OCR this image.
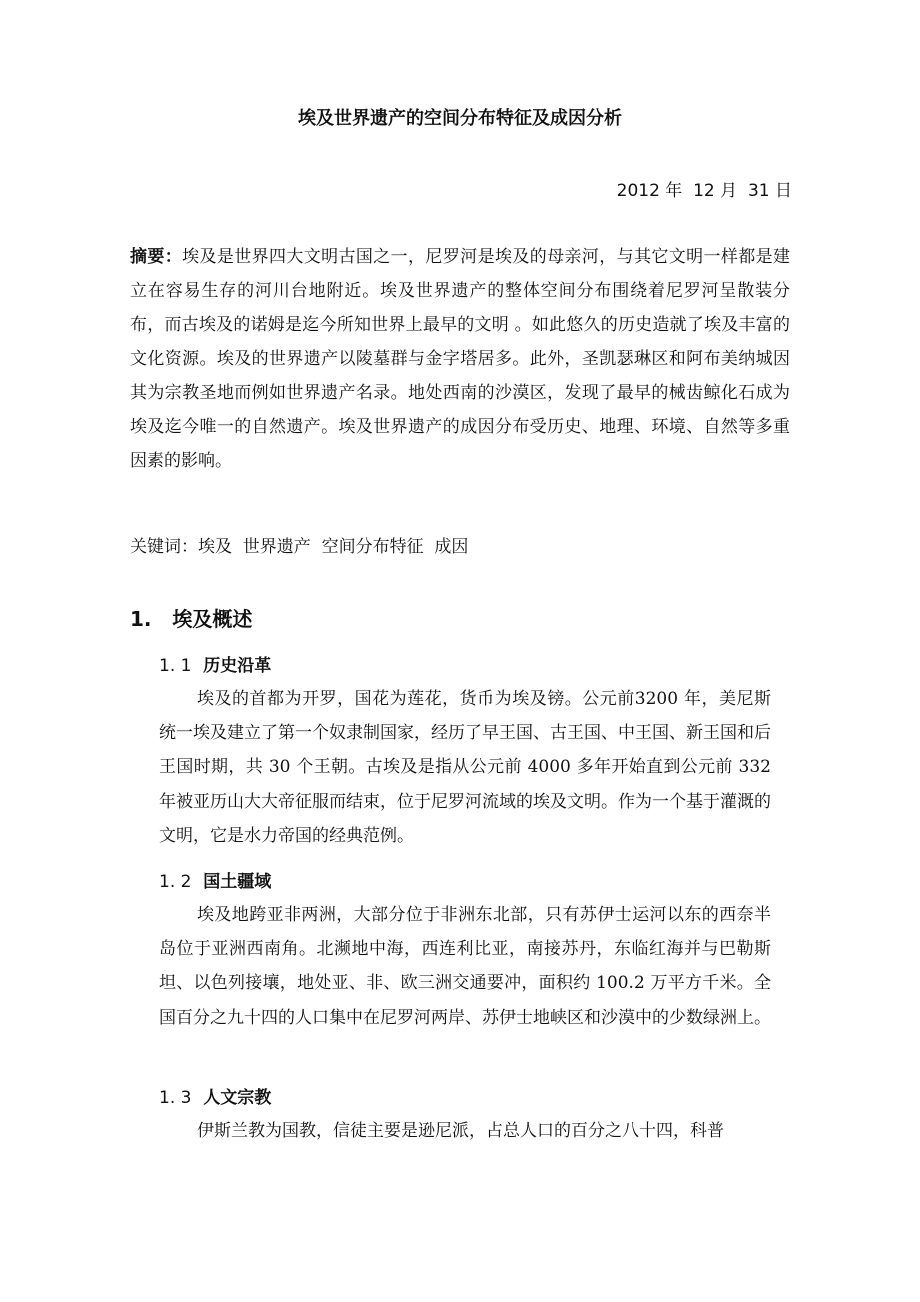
埃及世界遗产的空间分布特征及成因分析
2012 年  12 月  31 日
摘要：埃及是世界四大文明古国之一，尼罗河是埃及的母亲河，与其它文明一样都是建立在容易生存的河川台地附近。埃及世界遗产的整体空间分布围绕着尼罗河呈散装分布，而古埃及的诺姆是迄今所知世界上最早的文明 。如此悠久的历史造就了埃及丰富的文化资源。埃及的世界遗产以陵墓群与金字塔居多。此外，圣凯瑟琳区和阿布美纳城因其为宗教圣地而例如世界遗产名录。地处西南的沙漠区，发现了最早的械齿鲸化石成为埃及迄今唯一的自然遗产。埃及世界遗产的成因分布受历史、地理、环境、自然等多重因素的影响。
关键词：埃及  世界遗产  空间分布特征  成因
1.   埃及概述
1. 1 历史沿革
埃及的首都为开罗，国花为莲花，货币为埃及镑。公元前3200 年，美尼斯统一埃及建立了第一个奴隶制国家，经历了早王国、古王国、中王国、新王国和后王国时期，共 30 个王朝。古埃及是指从公元前 4000 多年开始直到公元前 332 年被亚历山大大帝征服而结束，位于尼罗河流域的埃及文明。作为一个基于灌溉的文明，它是水力帝国的经典范例。
1. 2 国土疆域
埃及地跨亚非两洲，大部分位于非洲东北部，只有苏伊士运河以东的西奈半岛位于亚洲西南角。北濒地中海，西连利比亚，南接苏丹，东临红海并与巴勒斯坦、以色列接壤，地处亚、非、欧三洲交通要冲，面积约 100.2 万平方千米。全国百分之九十四的人口集中在尼罗河两岸、苏伊士地峡区和沙漠中的少数绿洲上。
1. 3 人文宗教
伊斯兰教为国教，信徒主要是逊尼派，占总人口的百分之八十四，科普
